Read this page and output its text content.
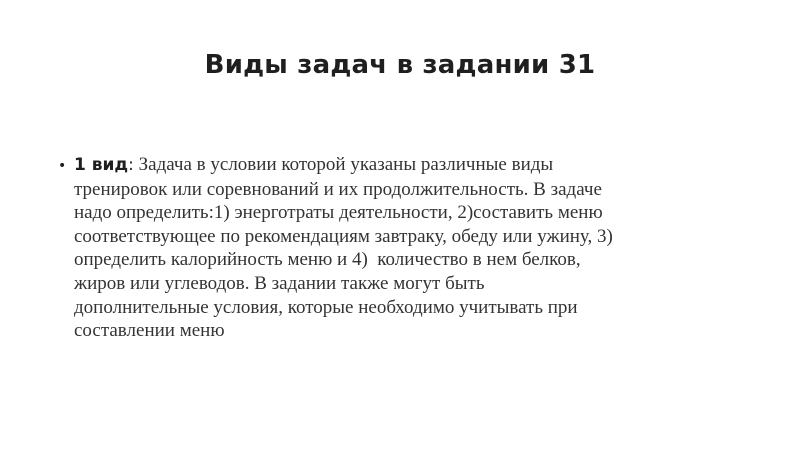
Виды задач в задании 31
• 1 вид: Задача в условии которой указаны различные виды
тренировок или соревнований и их продолжительность. В задаче
надо определить:1) энерготраты деятельности, 2)составить меню
соответствующее по рекомендациям завтраку, обеду или ужину, 3)
определить калорийность меню и 4)  количество в нем белков,
жиров или углеводов. В задании также могут быть
дополнительные условия, которые необходимо учитывать при
составлении меню
